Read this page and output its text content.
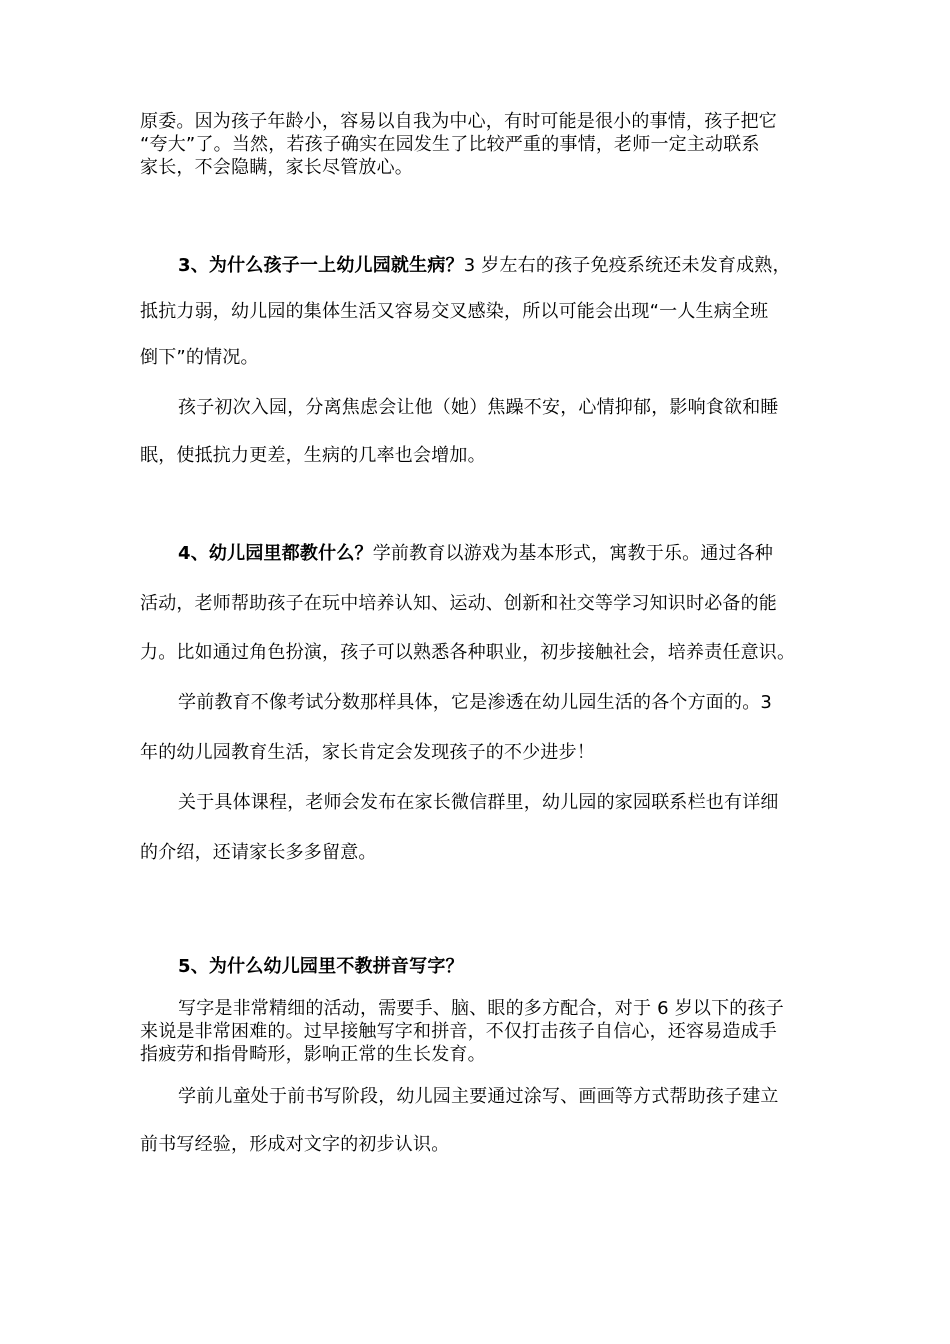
原委。因为孩子年龄小，容易以自我为中心，有时可能是很小的事情，孩子把它
“夸大”了。当然，若孩子确实在园发生了比较严重的事情，老师一定主动联系
家长，不会隐瞒，家长尽管放心。
3、为什么孩子一上幼儿园就生病？3 岁左右的孩子免疫系统还未发育成熟，
抵抗力弱，幼儿园的集体生活又容易交叉感染，所以可能会出现“一人生病全班
倒下”的情况。
孩子初次入园，分离焦虑会让他（她）焦躁不安，心情抑郁，影响食欲和睡
眠，使抵抗力更差，生病的几率也会增加。
4、幼儿园里都教什么？学前教育以游戏为基本形式，寓教于乐。通过各种
活动，老师帮助孩子在玩中培养认知、运动、创新和社交等学习知识时必备的能
力。比如通过角色扮演，孩子可以熟悉各种职业，初步接触社会，培养责任意识。
学前教育不像考试分数那样具体，它是渗透在幼儿园生活的各个方面的。3
年的幼儿园教育生活，家长肯定会发现孩子的不少进步！
关于具体课程，老师会发布在家长微信群里，幼儿园的家园联系栏也有详细
的介绍，还请家长多多留意。
5、为什么幼儿园里不教拼音写字？
写字是非常精细的活动，需要手、脑、眼的多方配合，对于 6 岁以下的孩子
来说是非常困难的。过早接触写字和拼音，不仅打击孩子自信心，还容易造成手
指疲劳和指骨畸形，影响正常的生长发育。
学前儿童处于前书写阶段，幼儿园主要通过涂写、画画等方式帮助孩子建立
前书写经验，形成对文字的初步认识。
